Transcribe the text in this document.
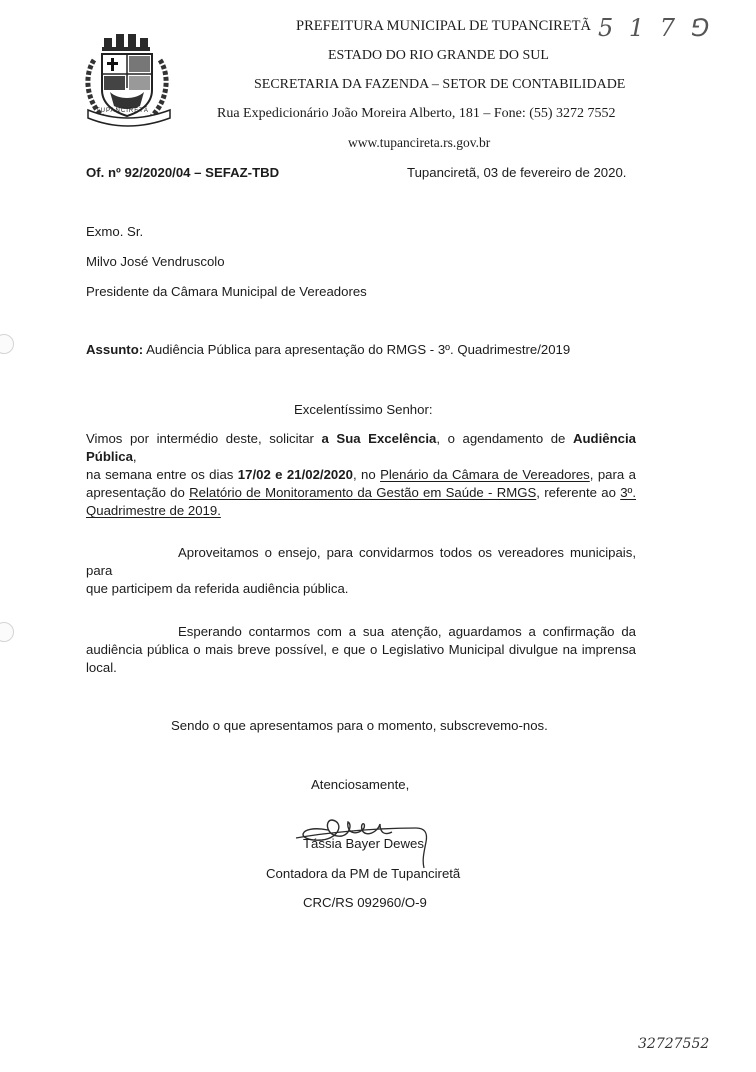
TUPANCIRETÃ
PREFEITURA MUNICIPAL DE TUPANCIRETÃ
ESTADO DO RIO GRANDE DO SUL
SECRETARIA DA FAZENDA – SETOR DE CONTABILIDADE
Rua Expedicionário João Moreira Alberto, 181 – Fone: (55) 3272 7552
www.tupancireta.rs.gov.br
5 1 7 ⅁
32727552
Of. nº 92/2020/04 – SEFAZ-TBD	Tupanciretã, 03 de fevereiro de 2020.
Exmo. Sr.
Milvo José Vendruscolo
Presidente da Câmara Municipal de Vereadores
Assunto: Audiência Pública para apresentação do RMGS - 3º. Quadrimestre/2019
Excelentíssimo Senhor:
Vimos por intermédio deste, solicitar a Sua Excelência, o agendamento de Audiência Pública,
na semana entre os dias 17/02 e 21/02/2020, no Plenário da Câmara de Vereadores, para a
apresentação do Relatório de Monitoramento da Gestão em Saúde - RMGS, referente ao 3º.
Quadrimestre de 2019.
Aproveitamos o ensejo, para convidarmos todos os vereadores municipais, para
que participem da referida audiência pública.
Esperando contarmos com a sua atenção, aguardamos a confirmação da
audiência pública o mais breve possível, e que o Legislativo Municipal divulgue na imprensa
local.
Sendo o que apresentamos para o momento, subscrevemo-nos.
Atenciosamente,
Tássia Bayer Dewes
Contadora da PM de Tupanciretã
CRC/RS 092960/O-9
